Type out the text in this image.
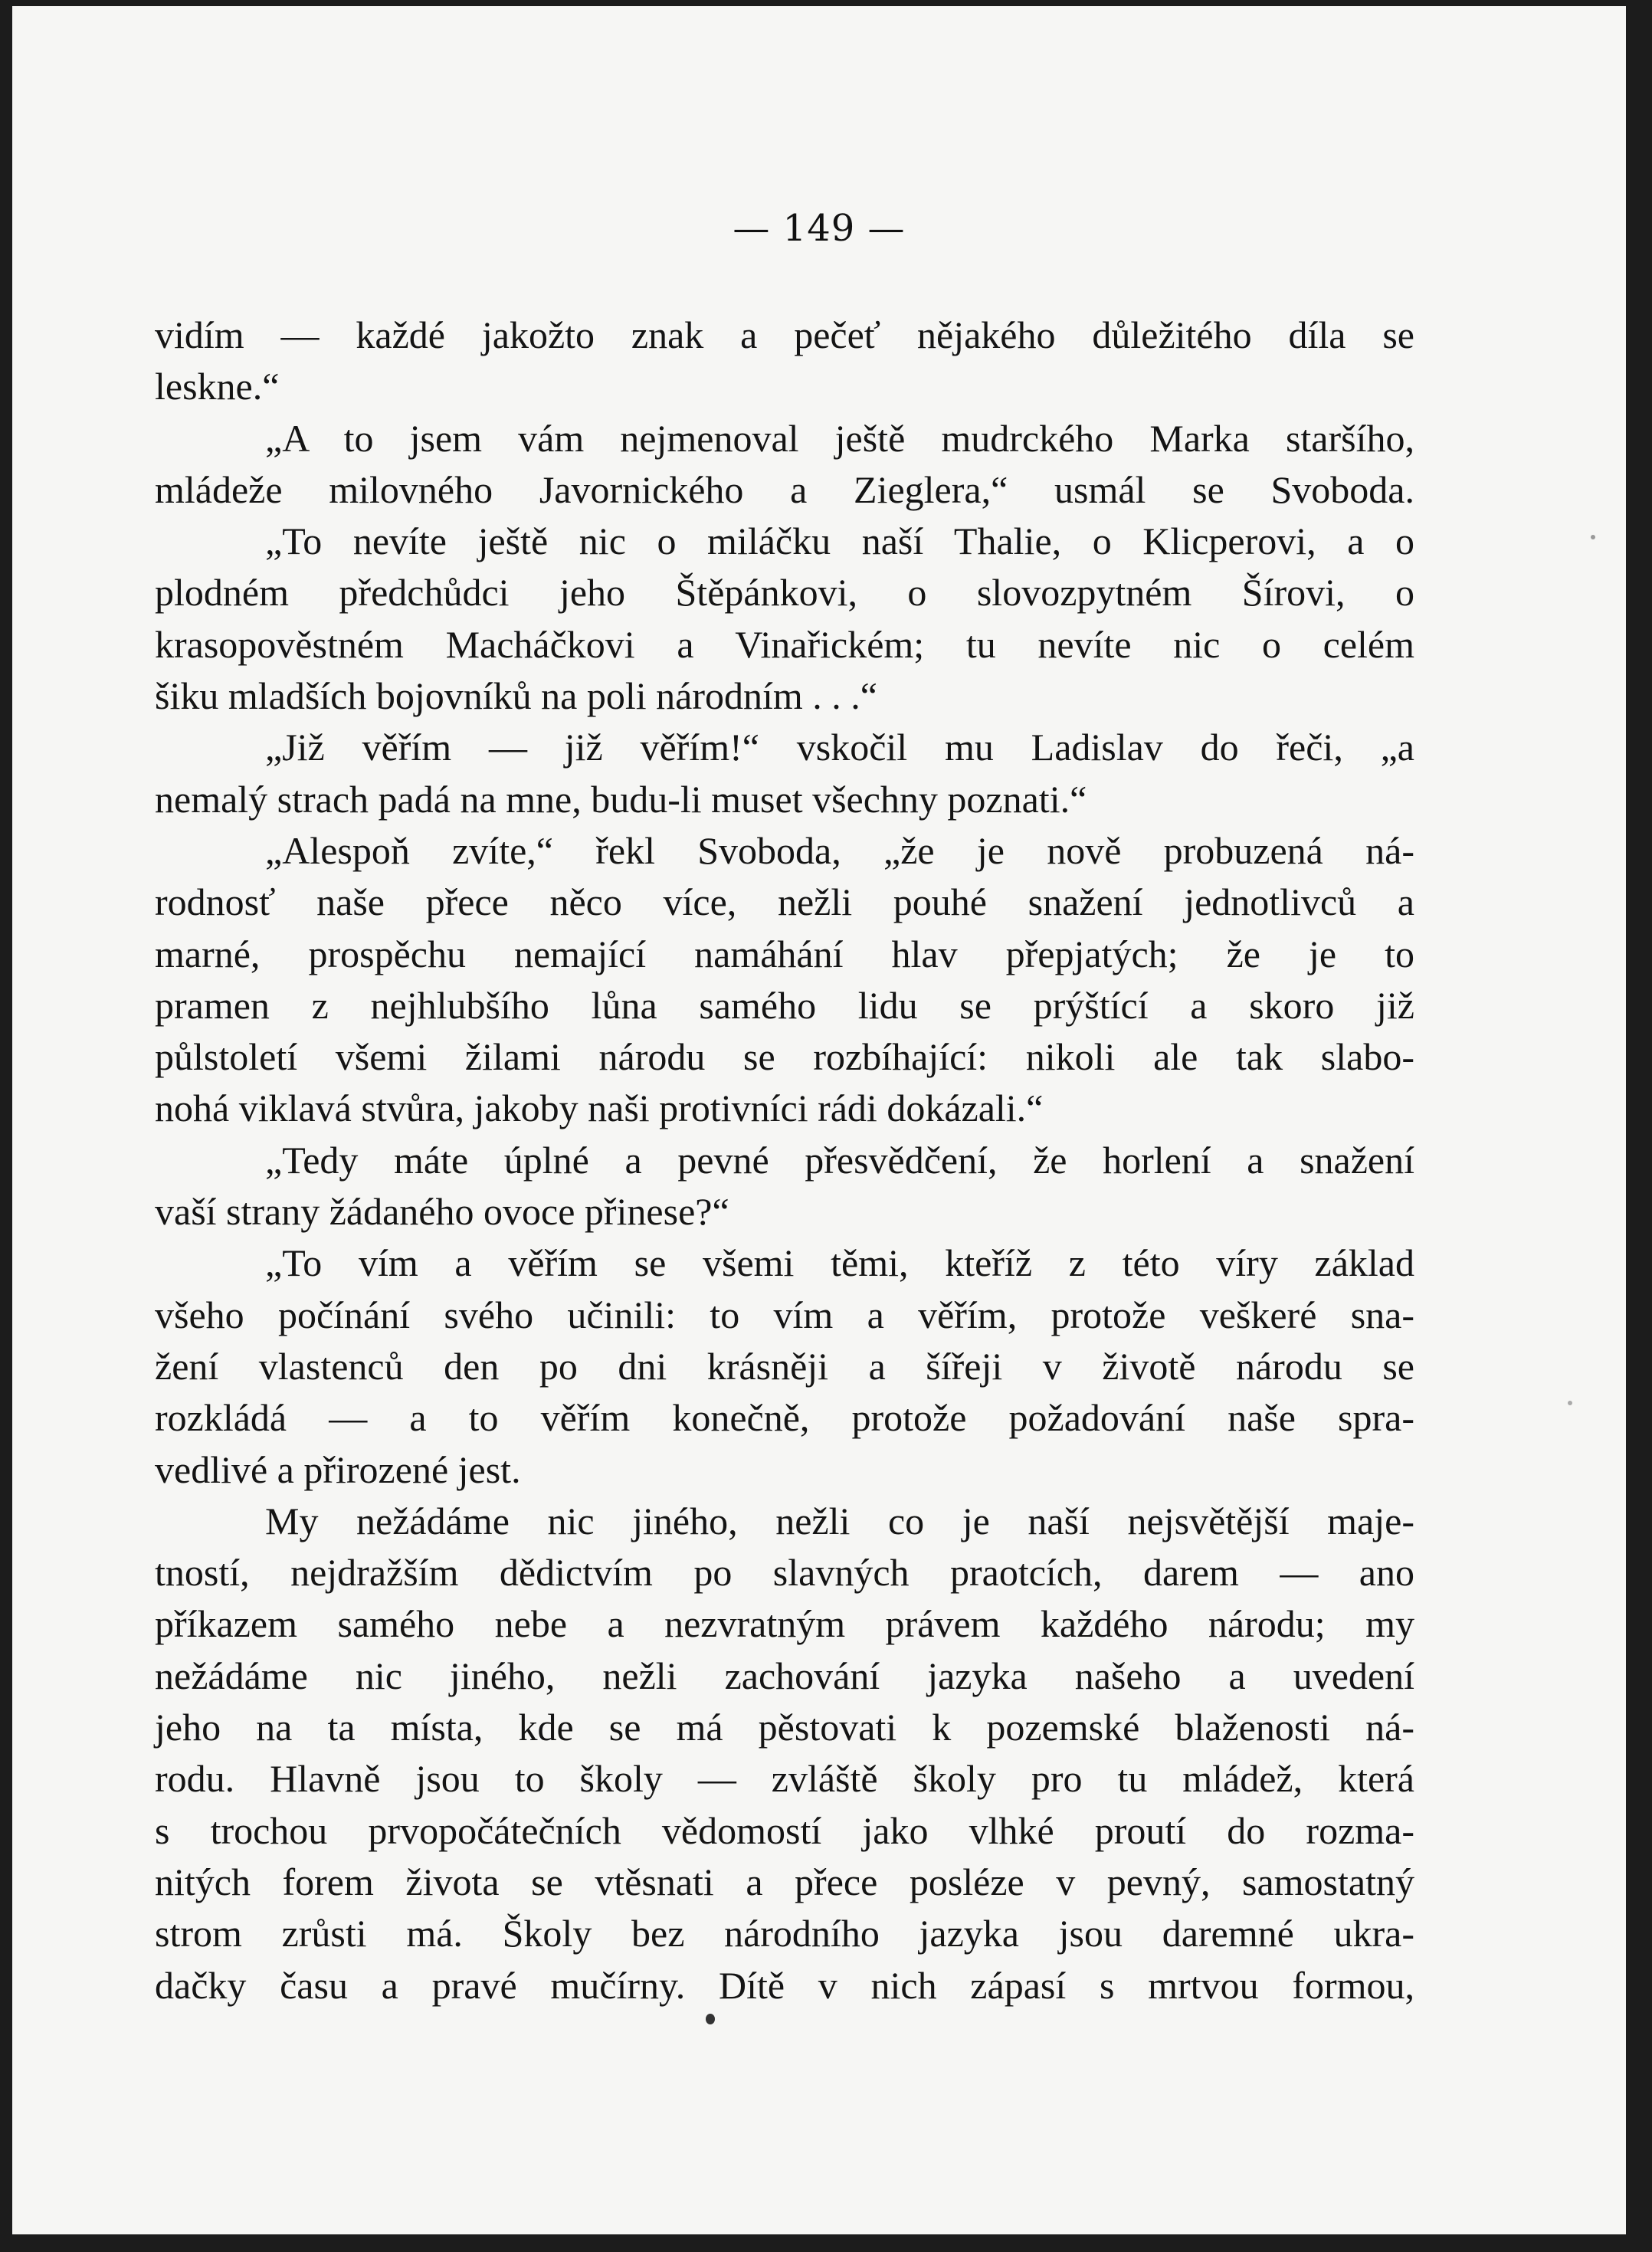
— 149 —
vidím — každé jakožto znak a pečeť nějakého důležitého díla se
leskne.“
„A to jsem vám nejmenoval ještě mudrckého Marka staršího,
mládeže milovného Javornického a Zieglera,“ usmál se Svoboda.
„To nevíte ještě nic o miláčku naší Thalie, o Klicperovi, a o
plodném předchůdci jeho Štěpánkovi, o slovozpytném Šírovi, o
krasopověstném Macháčkovi a Vinařickém; tu nevíte nic o celém
šiku mladších bojovníků na poli národním . . .“
„Již věřím — již věřím!“ vskočil mu Ladislav do řeči, „a
nemalý strach padá na mne, budu-li muset všechny poznati.“
„Alespoň zvíte,“ řekl Svoboda, „že je nově probuzená ná-
rodnosť naše přece něco více, nežli pouhé snažení jednotlivců a
marné, prospěchu nemající namáhání hlav přepjatých; že je to
pramen z nejhlubšího lůna samého lidu se prýštící a skoro již
půlstoletí všemi žilami národu se rozbíhající: nikoli ale tak slabo-
nohá viklavá stvůra, jakoby naši protivníci rádi dokázali.“
„Tedy máte úplné a pevné přesvědčení, že horlení a snažení
vaší strany žádaného ovoce přinese?“
„To vím a věřím se všemi těmi, kteříž z této víry základ
všeho počínání svého učinili: to vím a věřím, protože veškeré sna-
žení vlastenců den po dni krásněji a šířeji v životě národu se
rozkládá — a to věřím konečně, protože požadování naše spra-
vedlivé a přirozené jest.
My nežádáme nic jiného, nežli co je naší nejsvětější maje-
tností, nejdražším dědictvím po slavných praotcích, darem — ano
příkazem samého nebe a nezvratným právem každého národu; my
nežádáme nic jiného, nežli zachování jazyka našeho a uvedení
jeho na ta místa, kde se má pěstovati k pozemské blaženosti ná-
rodu. Hlavně jsou to školy — zvláště školy pro tu mládež, která
s trochou prvopočátečních vědomostí jako vlhké proutí do rozma-
nitých forem života se vtěsnati a přece posléze v pevný, samostatný
strom zrůsti má. Školy bez národního jazyka jsou daremné ukra-
dačky času a pravé mučírny. Dítě v nich zápasí s mrtvou formou,
